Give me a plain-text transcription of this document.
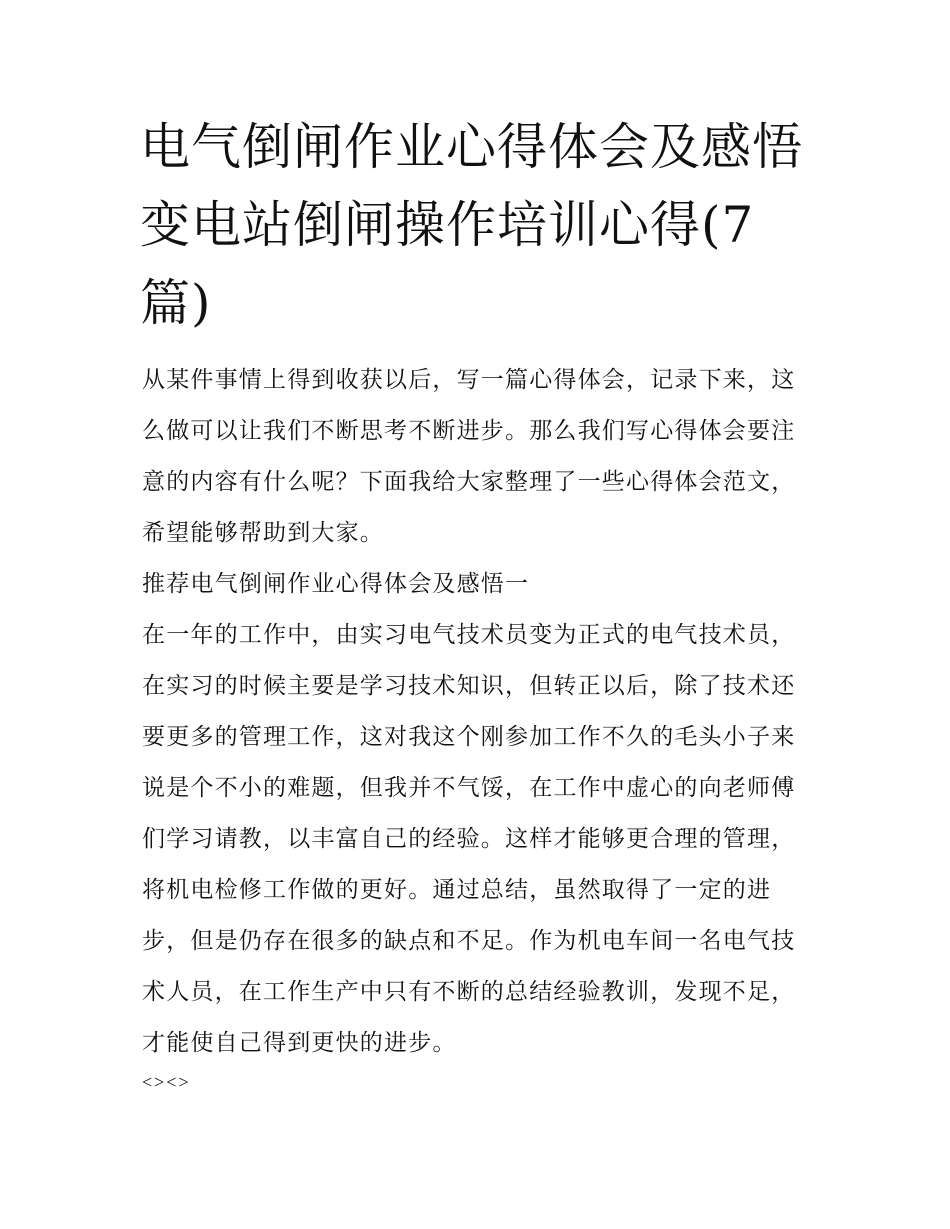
电气倒闸作业心得体会及感悟
变电站倒闸操作培训心得(7
篇)
从某件事情上得到收获以后，写一篇心得体会，记录下来，这
么做可以让我们不断思考不断进步。那么我们写心得体会要注
意的内容有什么呢？下面我给大家整理了一些心得体会范文，
希望能够帮助到大家。
推荐电气倒闸作业心得体会及感悟一
在一年的工作中，由实习电气技术员变为正式的电气技术员，
在实习的时候主要是学习技术知识，但转正以后，除了技术还
要更多的管理工作，这对我这个刚参加工作不久的毛头小子来
说是个不小的难题，但我并不气馁，在工作中虚心的向老师傅
们学习请教，以丰富自己的经验。这样才能够更合理的管理，
将机电检修工作做的更好。通过总结，虽然取得了一定的进
步，但是仍存在很多的缺点和不足。作为机电车间一名电气技
术人员，在工作生产中只有不断的总结经验教训，发现不足，
才能使自己得到更快的进步。
<><>
